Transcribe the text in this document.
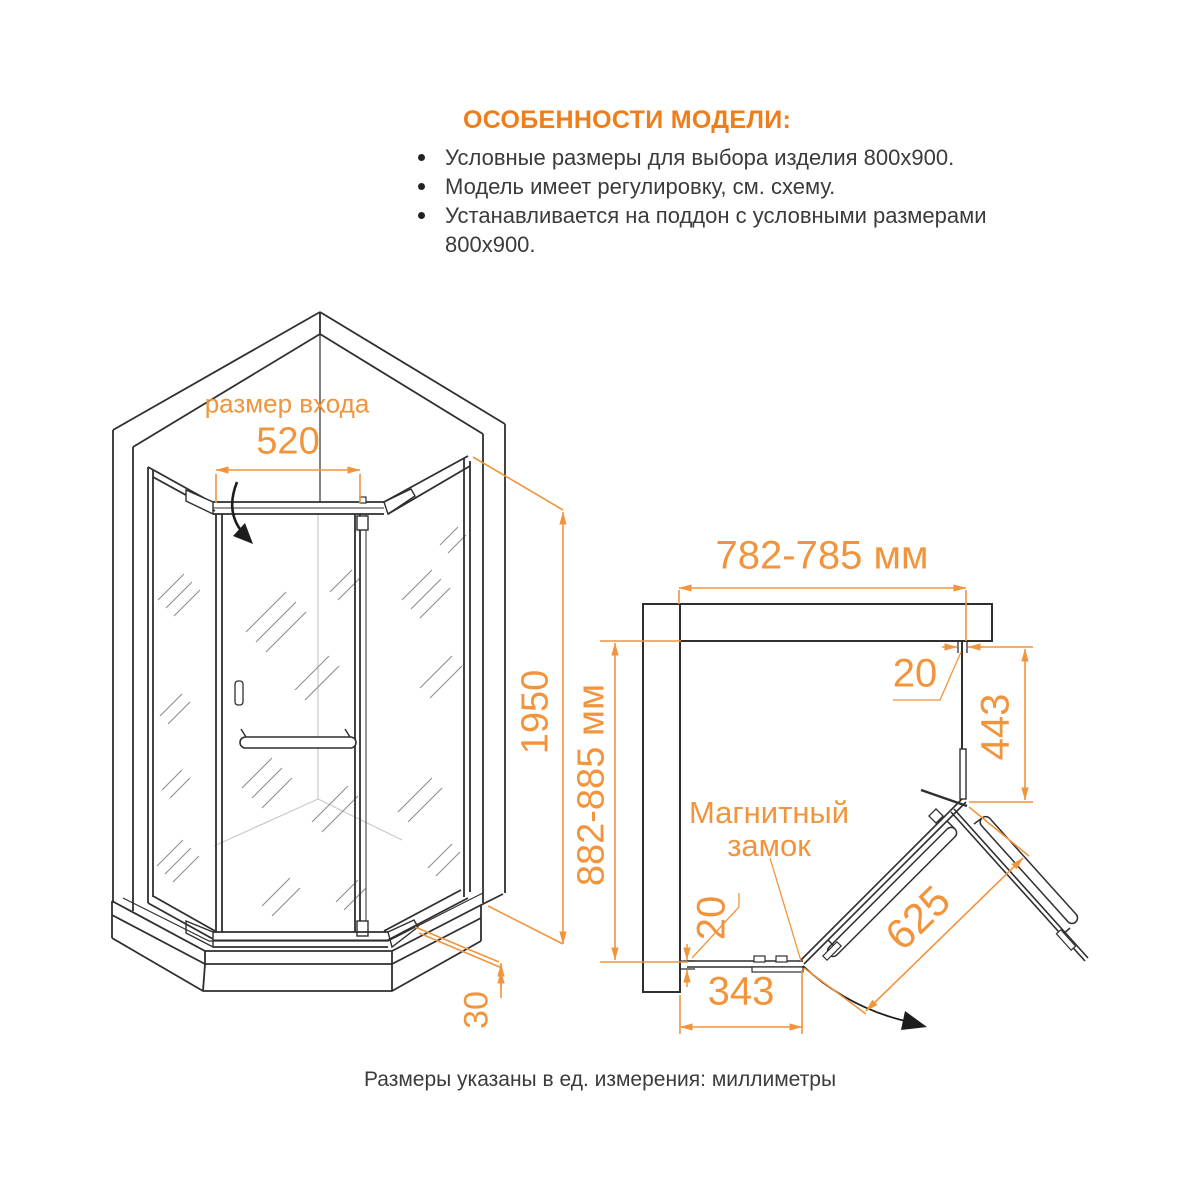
ОСОБЕННОСТИ МОДЕЛИ:
Условные размеры для выбора изделия 800x900.
Модель имеет регулировку, см. схему.
Устанавливается на поддон с условными размерами 800x900.
размер входа
520
1950
30
782-785 мм
882-885 мм
20
443
625
20
343
Магнитный
замок
Размеры указаны в ед. измерения: миллиметры
